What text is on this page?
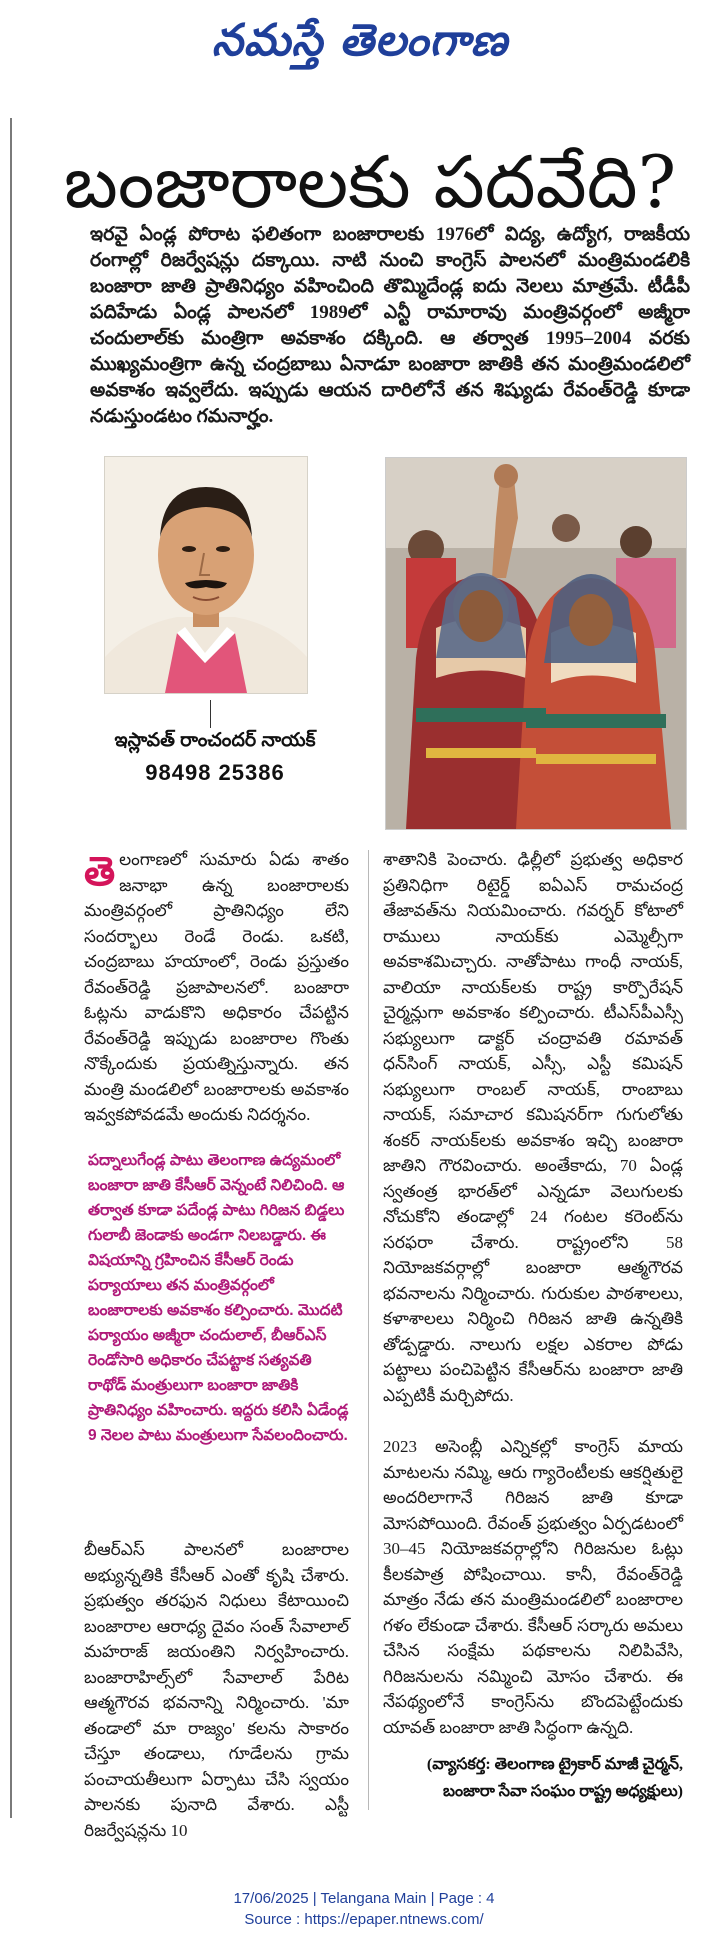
నమస్తే తెలంగాణ
బంజారాలకు పదవేది?

ఇరవై ఏండ్ల పోరాట ఫలితంగా బంజారాలకు 1976లో విద్య, ఉద్యోగ, రాజకీయ రంగాల్లో రిజర్వేషన్లు దక్కాయి. నాటి నుంచి కాంగ్రెస్ పాలనలో మంత్రిమండలికి బంజారా జాతి ప్రాతినిధ్యం వహించింది తొమ్మిదేండ్ల ఐదు నెలలు మాత్రమే. టీడీపీ పదిహేడు ఏండ్ల పాలనలో 1989లో ఎన్టీ రామారావు మంత్రివర్గంలో అజ్మీరా చందులాల్‌కు మంత్రిగా అవకాశం దక్కింది. ఆ తర్వాత 1995–2004 వరకు ముఖ్యమంత్రిగా ఉన్న చంద్రబాబు ఏనాడూ బంజారా జాతికి తన మంత్రిమండలిలో అవకాశం ఇవ్వలేదు. ఇప్పుడు ఆయన దారిలోనే తన శిష్యుడు రేవంత్‌రెడ్డి కూడా నడుస్తుండటం గమనార్హం.

ఇస్లావత్ రాంచందర్ నాయక్
98498 25386

తెలంగాణలో సుమారు ఏడు శాతం జనాభా ఉన్న బంజారాలకు మంత్రివర్గంలో ప్రాతినిధ్యం లేని సందర్భాలు రెండే రెండు. ఒకటి, చంద్రబాబు హయాంలో, రెండు ప్రస్తుతం రేవంత్‌రెడ్డి ప్రజాపాలనలో. బంజారా ఓట్లను వాడుకొని అధికారం చేపట్టిన రేవంత్‌రెడ్డి ఇప్పుడు బంజారాల గొంతు నొక్కేందుకు ప్రయత్నిస్తున్నారు. తన మంత్రి మండలిలో బంజారాలకు అవకాశం ఇవ్వకపోవడమే అందుకు నిదర్శనం.

పద్నాలుగేండ్ల పాటు తెలంగాణ ఉద్యమంలో బంజారా జాతి కేసీఆర్ వెన్నంటే నిలిచింది. ఆ తర్వాత కూడా పదేండ్ల పాటు గిరిజన బిడ్డలు గులాబీ జెండాకు అండగా నిలబడ్డారు. ఈ విషయాన్ని గ్రహించిన కేసీఆర్ రెండు పర్యాయాలు తన మంత్రివర్గంలో బంజారాలకు అవకాశం కల్పించారు. మొదటి పర్యాయం అజ్మీరా చందులాల్, బీఆర్‌ఎస్ రెండోసారి అధికారం చేపట్టాక సత్యవతి రాథోడ్ మంత్రులుగా బంజారా జాతికి ప్రాతినిధ్యం వహించారు. ఇద్దరు కలిసి ఏడేండ్ల 9 నెలల పాటు మంత్రులుగా సేవలందించారు.

బీఆర్‌ఎస్ పాలనలో బంజారాల అభ్యున్నతికి కేసీఆర్ ఎంతో కృషి చేశారు. ప్రభుత్వం తరఫున నిధులు కేటాయించి బంజారాల ఆరాధ్య దైవం సంత్ సేవాలాల్ మహరాజ్ జయంతిని నిర్వహించారు. బంజారాహిల్స్‌లో సేవాలాల్ పేరిట ఆత్మగౌరవ భవనాన్ని నిర్మించారు. 'మా తండాలో మా రాజ్యం' కలను సాకారం చేస్తూ తండాలు, గూడేలను గ్రామ పంచాయతీలుగా ఏర్పాటు చేసి స్వయం పాలనకు పునాది వేశారు. ఎస్టీ రిజర్వేషన్లను 10

శాతానికి పెంచారు. ఢిల్లీలో ప్రభుత్వ అధికార ప్రతినిధిగా రిటైర్డ్ ఐఏఎస్ రామచంద్ర తేజావత్‌ను నియమించారు. గవర్నర్ కోటాలో రాములు నాయక్‌కు ఎమ్మెల్సీగా అవకాశమిచ్చారు. నాతోపాటు గాంధీ నాయక్, వాలియా నాయక్‌లకు రాష్ట్ర కార్పొరేషన్ చైర్మన్లుగా అవకాశం కల్పించారు. టీఎస్‌పీఎస్సీ సభ్యులుగా డాక్టర్ చంద్రావతి రమావత్ ధన్‌సింగ్ నాయక్, ఎస్సీ, ఎస్టీ కమిషన్ సభ్యులుగా రాంబల్ నాయక్, రాంబాబు నాయక్, సమాచార కమిషనర్‌గా గుగులోతు శంకర్ నాయక్‌లకు అవకాశం ఇచ్చి బంజారా జాతిని గౌరవించారు. అంతేకాదు, 70 ఏండ్ల స్వతంత్ర భారత్‌లో ఎన్నడూ వెలుగులకు నోచుకోని తండాల్లో 24 గంటల కరెంట్‌ను సరఫరా చేశారు. రాష్ట్రంలోని 58 నియోజకవర్గాల్లో బంజారా ఆత్మగౌరవ భవనాలను నిర్మించారు. గురుకుల పాఠశాలలు, కళాశాలలు నిర్మించి గిరిజన జాతి ఉన్నతికి తోడ్పడ్డారు. నాలుగు లక్షల ఎకరాల పోడు పట్టాలు పంచిపెట్టిన కేసీఆర్‌ను బంజారా జాతి ఎప్పటికీ మర్చిపోదు.

2023 అసెంబ్లీ ఎన్నికల్లో కాంగ్రెస్ మాయ మాటలను నమ్మి, ఆరు గ్యారెంటీలకు ఆకర్షితులై అందరిలాగానే గిరిజన జాతి కూడా మోసపోయింది. రేవంత్ ప్రభుత్వం ఏర్పడటంలో 30–45 నియోజకవర్గాల్లోని గిరిజనుల ఓట్లు కీలకపాత్ర పోషించాయి. కానీ, రేవంత్‌రెడ్డి మాత్రం నేడు తన మంత్రిమండలిలో బంజారాల గళం లేకుండా చేశారు. కేసీఆర్ సర్కారు అమలు చేసిన సంక్షేమ పథకాలను నిలిపివేసి, గిరిజనులను నమ్మించి మోసం చేశారు. ఈ నేపథ్యంలోనే కాంగ్రెస్‌ను బొందపెట్టేందుకు యావత్ బంజారా జాతి సిద్ధంగా ఉన్నది.

(వ్యాసకర్త: తెలంగాణ ట్రైకార్ మాజీ చైర్మన్,
బంజారా సేవా సంఘం రాష్ట్ర అధ్యక్షులు)
17/06/2025 | Telangana Main | Page : 4
Source : https://epaper.ntnews.com/
